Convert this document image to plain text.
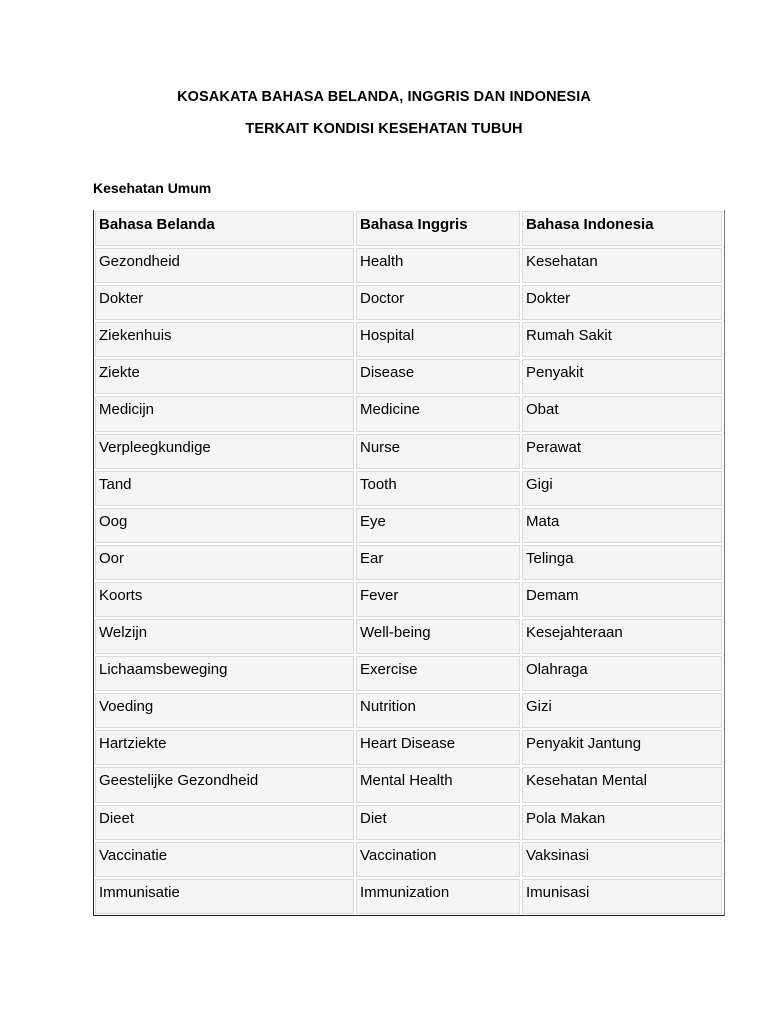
KOSAKATA BAHASA BELANDA, INGGRIS DAN INDONESIA
TERKAIT KONDISI KESEHATAN TUBUH
Kesehatan Umum
Bahasa Belanda	Bahasa Inggris	Bahasa Indonesia
Gezondheid	Health	Kesehatan
Dokter	Doctor	Dokter
Ziekenhuis	Hospital	Rumah Sakit
Ziekte	Disease	Penyakit
Medicijn	Medicine	Obat
Verpleegkundige	Nurse	Perawat
Tand	Tooth	Gigi
Oog	Eye	Mata
Oor	Ear	Telinga
Koorts	Fever	Demam
Welzijn	Well-being	Kesejahteraan
Lichaamsbeweging	Exercise	Olahraga
Voeding	Nutrition	Gizi
Hartziekte	Heart Disease	Penyakit Jantung
Geestelijke Gezondheid	Mental Health	Kesehatan Mental
Dieet	Diet	Pola Makan
Vaccinatie	Vaccination	Vaksinasi
Immunisatie	Immunization	Imunisasi
